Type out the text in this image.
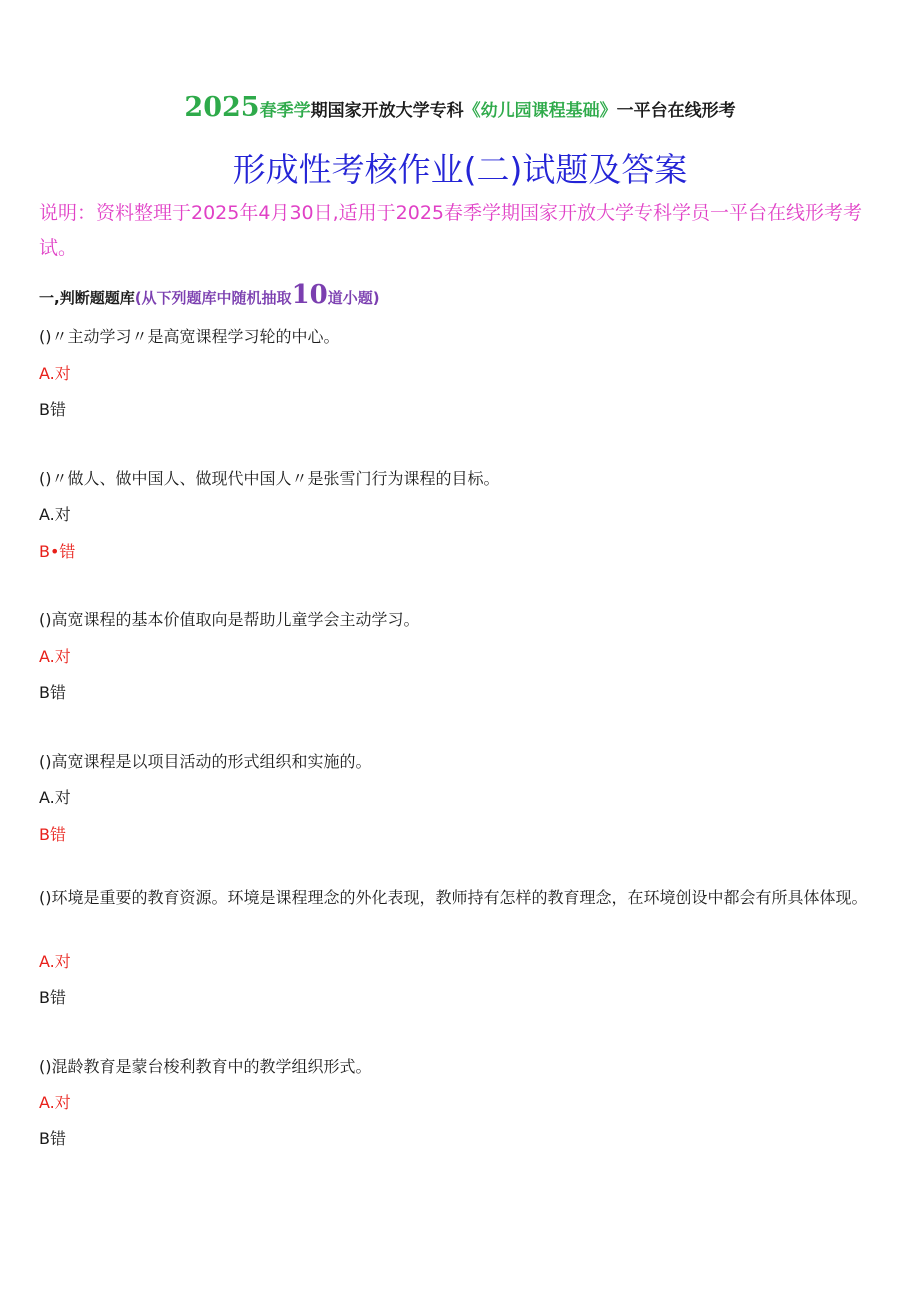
2025春季学期国家开放大学专科《幼儿园课程基础》一平台在线形考
形成性考核作业(二)试题及答案
说明：资料整理于2025年4月30日,适用于2025春季学期国家开放大学专科学员一平台在线形考考试。
一,判断题题库(从下列题库中随机抽取10道小题)
()〃主动学习〃是高宽课程学习轮的中心。
A.对
B错
()〃做人、做中国人、做现代中国人〃是张雪门行为课程的目标。
A.对
B•错
()高宽课程的基本价值取向是帮助儿童学会主动学习。
A.对
B错
()高宽课程是以项目活动的形式组织和实施的。
A.对
B错
()环境是重要的教育资源。环境是课程理念的外化表现，教师持有怎样的教育理念，在环境创设中都会有所具体体现。
A.对
B错
()混龄教育是蒙台梭利教育中的教学组织形式。
A.对
B错
